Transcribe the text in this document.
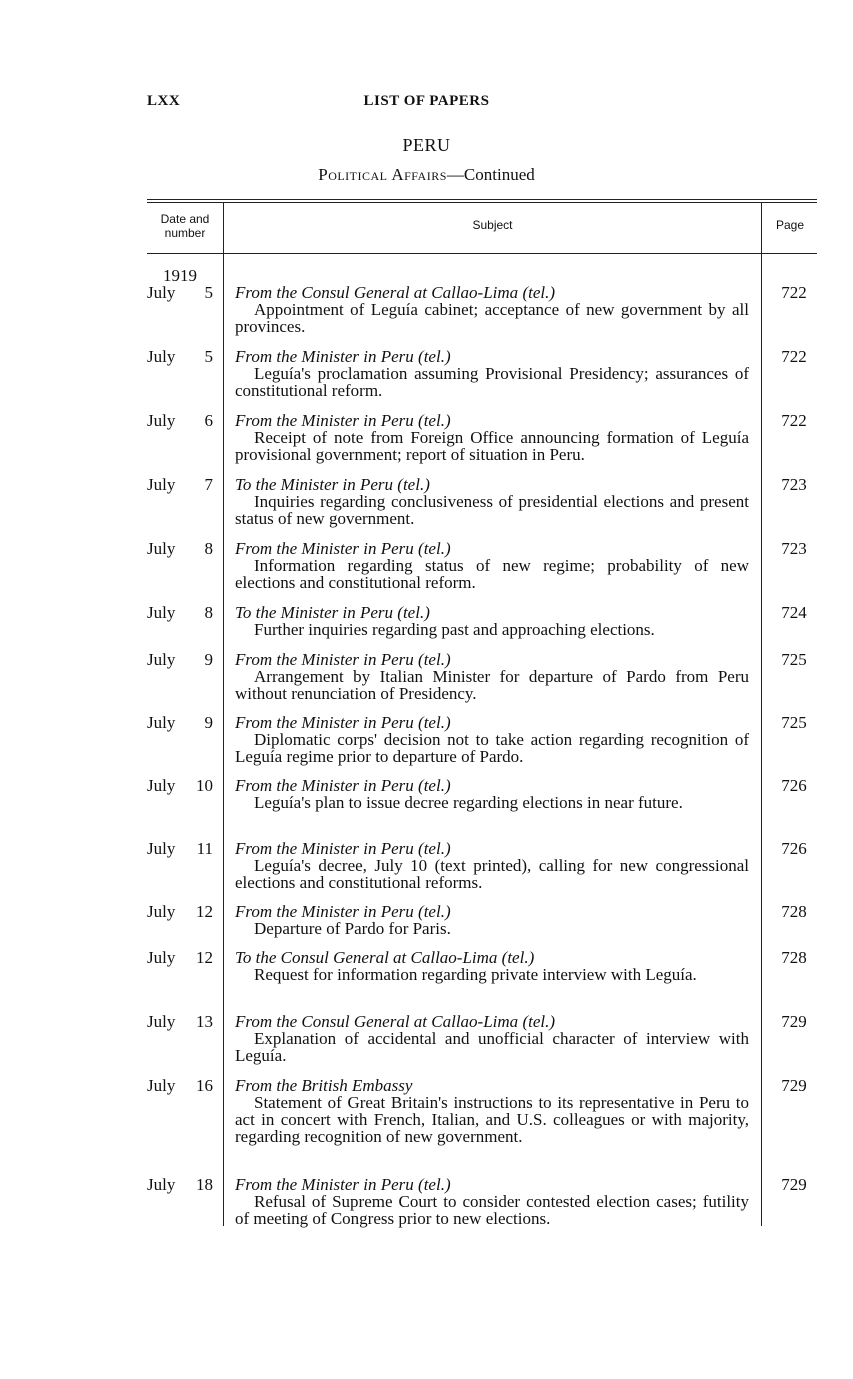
LXX	LIST OF PAPERS
PERU
Political Affairs—Continued
Date and
number
Subject	Page
1919
July 5 From the Consul General at Callao-Lima (tel.)
Appointment of Leguía cabinet; acceptance of new government by all provinces.
722
July 5 From the Minister in Peru (tel.)
Leguía's proclamation assuming Provisional Presidency; assurances of constitutional reform.
722
July 6 From the Minister in Peru (tel.)
Receipt of note from Foreign Office announcing formation of Leguía provisional government; report of situation in Peru.
722
July 7 To the Minister in Peru (tel.)
Inquiries regarding conclusiveness of presidential elections and present status of new government.
723
July 8 From the Minister in Peru (tel.)
Information regarding status of new regime; probability of new elections and constitutional reform.
723
July 8 To the Minister in Peru (tel.)
Further inquiries regarding past and approaching elections.
724
July 9 From the Minister in Peru (tel.)
Arrangement by Italian Minister for departure of Pardo from Peru without renunciation of Presidency.
725
July 9 From the Minister in Peru (tel.)
Diplomatic corps' decision not to take action regarding recognition of Leguía regime prior to departure of Pardo.
725
July 10 From the Minister in Peru (tel.)
Leguía's plan to issue decree regarding elections in near future.
726
July 11 From the Minister in Peru (tel.)
Leguía's decree, July 10 (text printed), calling for new congressional elections and constitutional reforms.
726
July 12 From the Minister in Peru (tel.)
Departure of Pardo for Paris.
728
July 12 To the Consul General at Callao-Lima (tel.)
Request for information regarding private interview with Leguía.
728
July 13 From the Consul General at Callao-Lima (tel.)
Explanation of accidental and unofficial character of interview with Leguía.
729
July 16 From the British Embassy
Statement of Great Britain's instructions to its representative in Peru to act in concert with French, Italian, and U.S. colleagues or with majority, regarding recognition of new government.
729
July 18 From the Minister in Peru (tel.)
Refusal of Supreme Court to consider contested election cases; futility of meeting of Congress prior to new elections.
729
